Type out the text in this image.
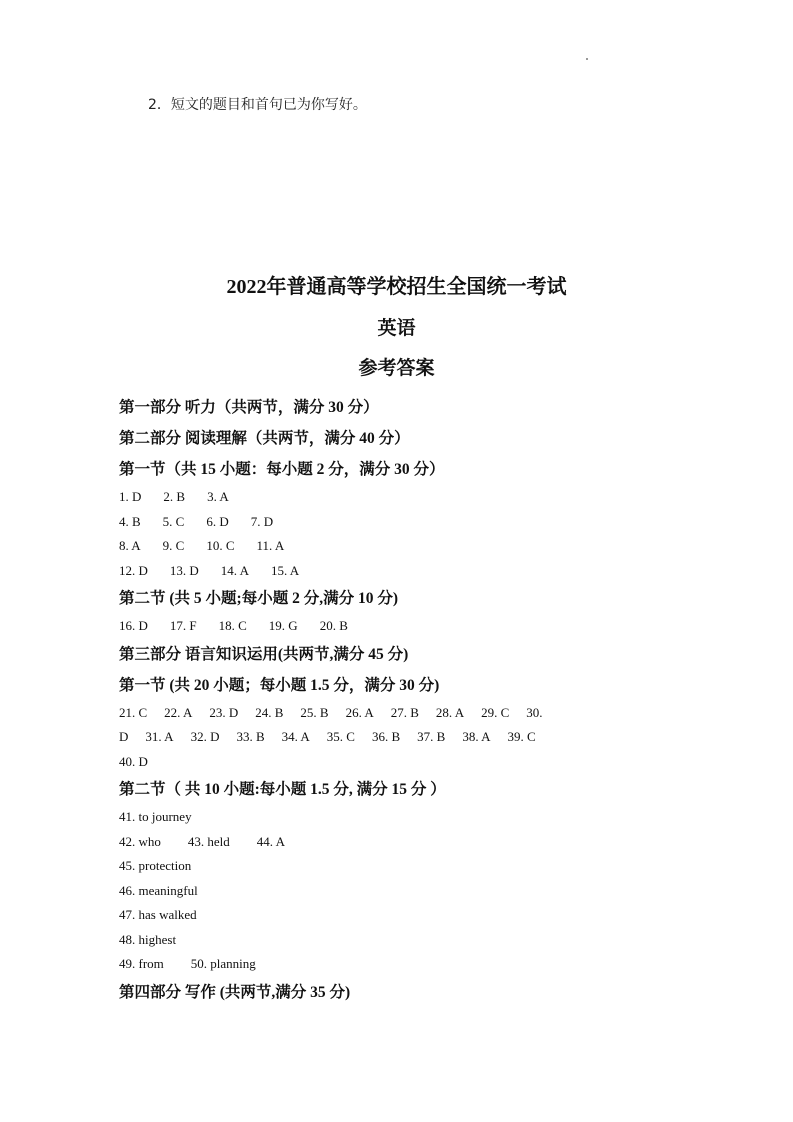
2．短文的题目和首句已为你写好。
2022年普通高等学校招生全国统一考试
英语
参考答案
第一部分 听力（共两节，满分 30 分）
第二部分 阅读理解（共两节，满分 40 分）
第一节（共 15 小题：每小题 2 分，满分 30 分）
1. D 2. B 3. A
4. B 5. C 6. D 7. D
8. A 9. C 10. C 11. A
12. D 13. D 14. A 15. A
第二节 (共 5 小题;每小题 2 分,满分 10 分)
16. D 17. F 18. C 19. G 20. B
第三部分 语言知识运用(共两节,满分 45 分)
第一节 (共 20 小题；每小题 1.5 分，满分 30 分)
21. C 22. A 23. D 24. B 25. B 26. A 27. B 28. A 29. C 30.
D 31. A 32. D 33. B 34. A 35. C 36. B 37. B 38. A 39. C
40. D
第二节（ 共 10 小题:每小题 1.5 分, 满分 15 分 ）
41. to journey
42. who 43. held 44. A
45. protection
46. meaningful
47. has walked
48. highest
49. from 50. planning
第四部分 写作 (共两节,满分 35 分)
